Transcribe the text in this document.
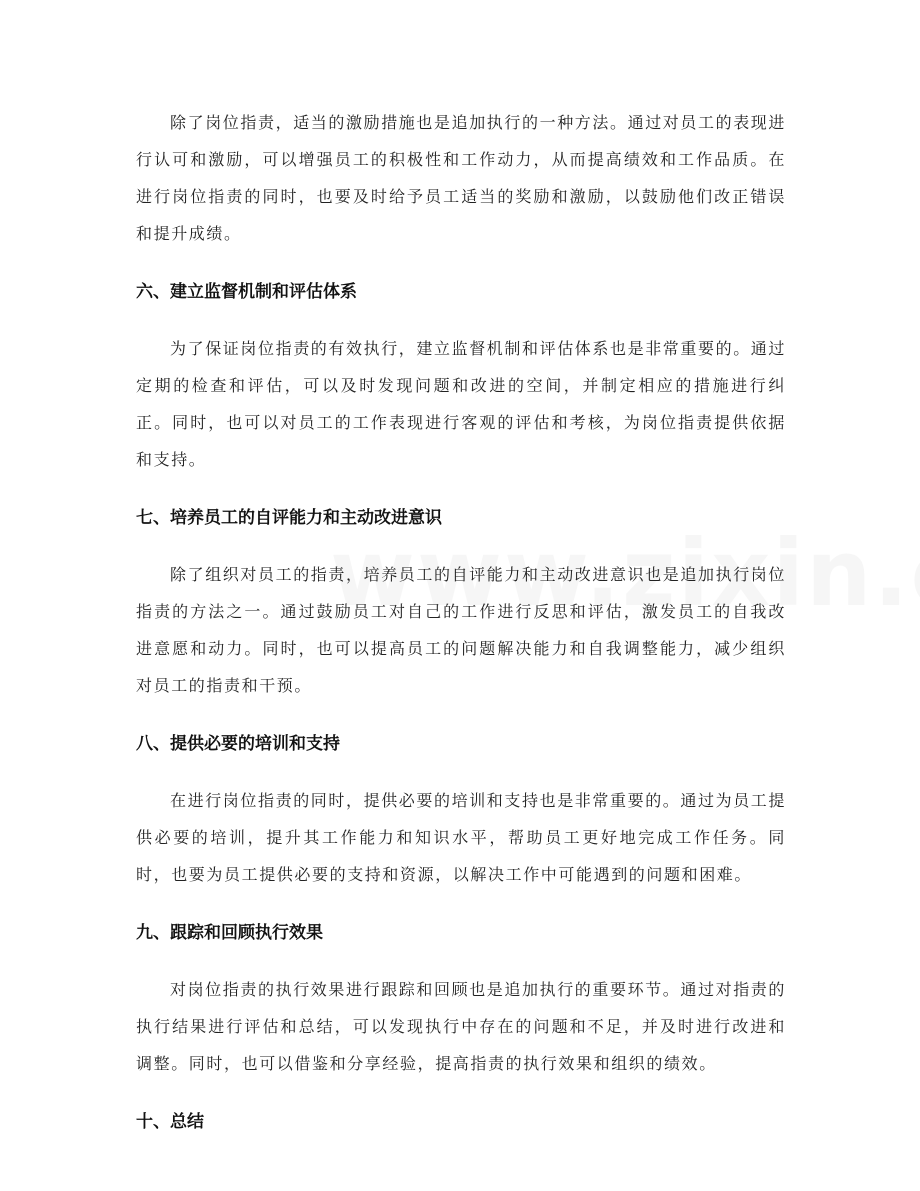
除了岗位指责，适当的激励措施也是追加执行的一种方法。通过对员工的表现进行认可和激励，可以增强员工的积极性和工作动力，从而提高绩效和工作品质。在进行岗位指责的同时，也要及时给予员工适当的奖励和激励，以鼓励他们改正错误和提升成绩。

六、建立监督机制和评估体系

为了保证岗位指责的有效执行，建立监督机制和评估体系也是非常重要的。通过定期的检查和评估，可以及时发现问题和改进的空间，并制定相应的措施进行纠正。同时，也可以对员工的工作表现进行客观的评估和考核，为岗位指责提供依据和支持。

七、培养员工的自评能力和主动改进意识

除了组织对员工的指责，培养员工的自评能力和主动改进意识也是追加执行岗位指责的方法之一。通过鼓励员工对自己的工作进行反思和评估，激发员工的自我改进意愿和动力。同时，也可以提高员工的问题解决能力和自我调整能力，减少组织对员工的指责和干预。

八、提供必要的培训和支持

在进行岗位指责的同时，提供必要的培训和支持也是非常重要的。通过为员工提供必要的培训，提升其工作能力和知识水平，帮助员工更好地完成工作任务。同时，也要为员工提供必要的支持和资源，以解决工作中可能遇到的问题和困难。

九、跟踪和回顾执行效果

对岗位指责的执行效果进行跟踪和回顾也是追加执行的重要环节。通过对指责的执行结果进行评估和总结，可以发现执行中存在的问题和不足，并及时进行改进和调整。同时，也可以借鉴和分享经验，提高指责的执行效果和组织的绩效。

十、总结
